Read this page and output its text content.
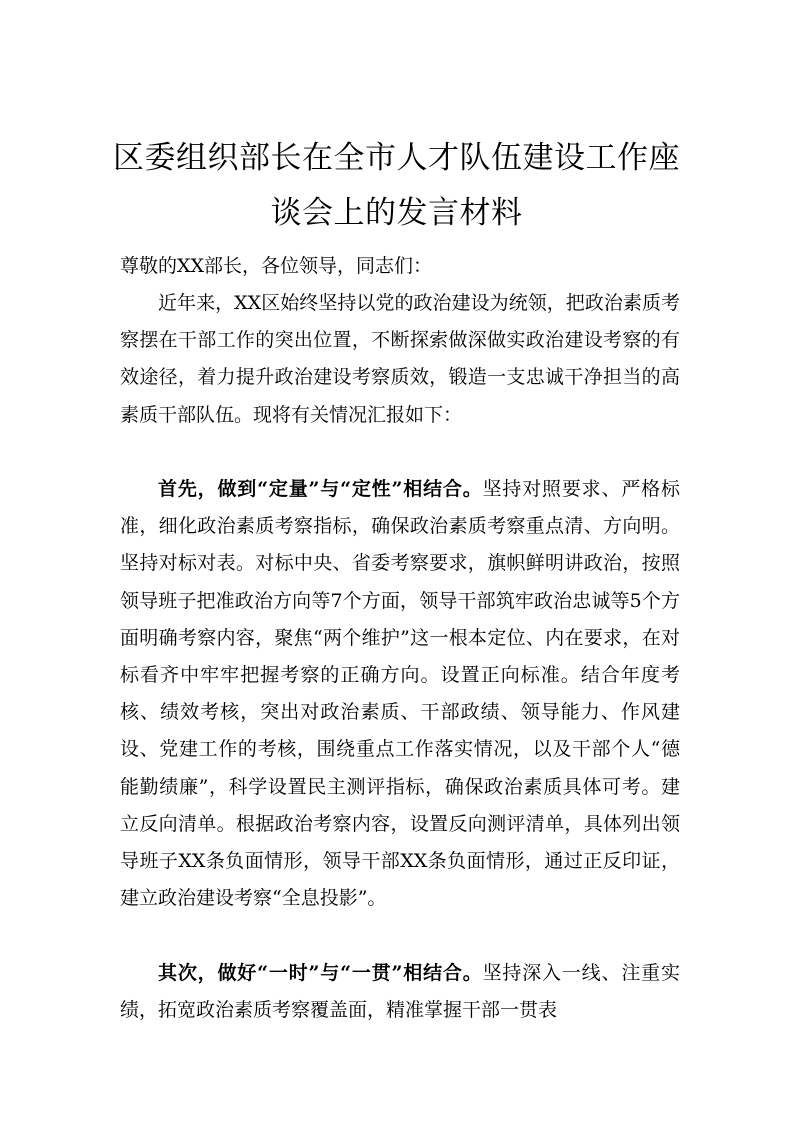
区委组织部长在全市人才队伍建设工作座
谈会上的发言材料
尊敬的XX部长，各位领导，同志们：

近年来，XX区始终坚持以党的政治建设为统领，把政治素质考察摆在干部工作的突出位置，不断探索做深做实政治建设考察的有效途径，着力提升政治建设考察质效，锻造一支忠诚干净担当的高素质干部队伍。现将有关情况汇报如下：

首先，做到“定量”与“定性”相结合。坚持对照要求、严格标准，细化政治素质考察指标，确保政治素质考察重点清、方向明。坚持对标对表。对标中央、省委考察要求，旗帜鲜明讲政治，按照领导班子把准政治方向等7个方面，领导干部筑牢政治忠诚等5个方面明确考察内容，聚焦“两个维护”这一根本定位、内在要求，在对标看齐中牢牢把握考察的正确方向。设置正向标准。结合年度考核、绩效考核，突出对政治素质、干部政绩、领导能力、作风建设、党建工作的考核，围绕重点工作落实情况，以及干部个人“德能勤绩廉”，科学设置民主测评指标，确保政治素质具体可考。建立反向清单。根据政治考察内容，设置反向测评清单，具体列出领导班子XX条负面情形，领导干部XX条负面情形，通过正反印证，建立政治建设考察“全息投影”。

其次，做好“一时”与“一贯”相结合。坚持深入一线、注重实绩，拓宽政治素质考察覆盖面，精准掌握干部一贯表
